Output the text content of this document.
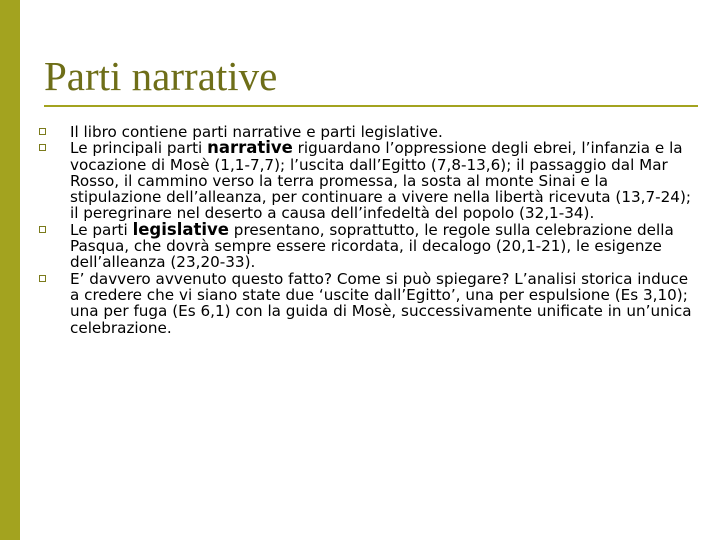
Parti narrative
Il libro contiene parti narrative e parti legislative.
Le principali parti narrative riguardano l’oppressione degli ebrei, l’infanzia e la vocazione di Mosè (1,1-7,7); l’uscita dall’Egitto (7,8-13,6); il passaggio dal Mar Rosso, il cammino verso la terra promessa, la sosta al monte Sinai e la stipulazione dell’alleanza, per continuare a vivere nella libertà ricevuta (13,7-24); il peregrinare nel deserto a causa dell’infedeltà del popolo (32,1-34).
Le parti legislative presentano, soprattutto, le regole sulla celebrazione della Pasqua, che dovrà sempre essere ricordata, il decalogo (20,1-21), le esigenze dell’alleanza (23,20-33).
E’ davvero avvenuto questo fatto? Come si può spiegare? L’analisi storica induce a credere che vi siano state due ‘uscite dall’Egitto’, una per espulsione (Es 3,10); una per fuga (Es 6,1) con la guida di Mosè, successivamente unificate in un’unica celebrazione.
